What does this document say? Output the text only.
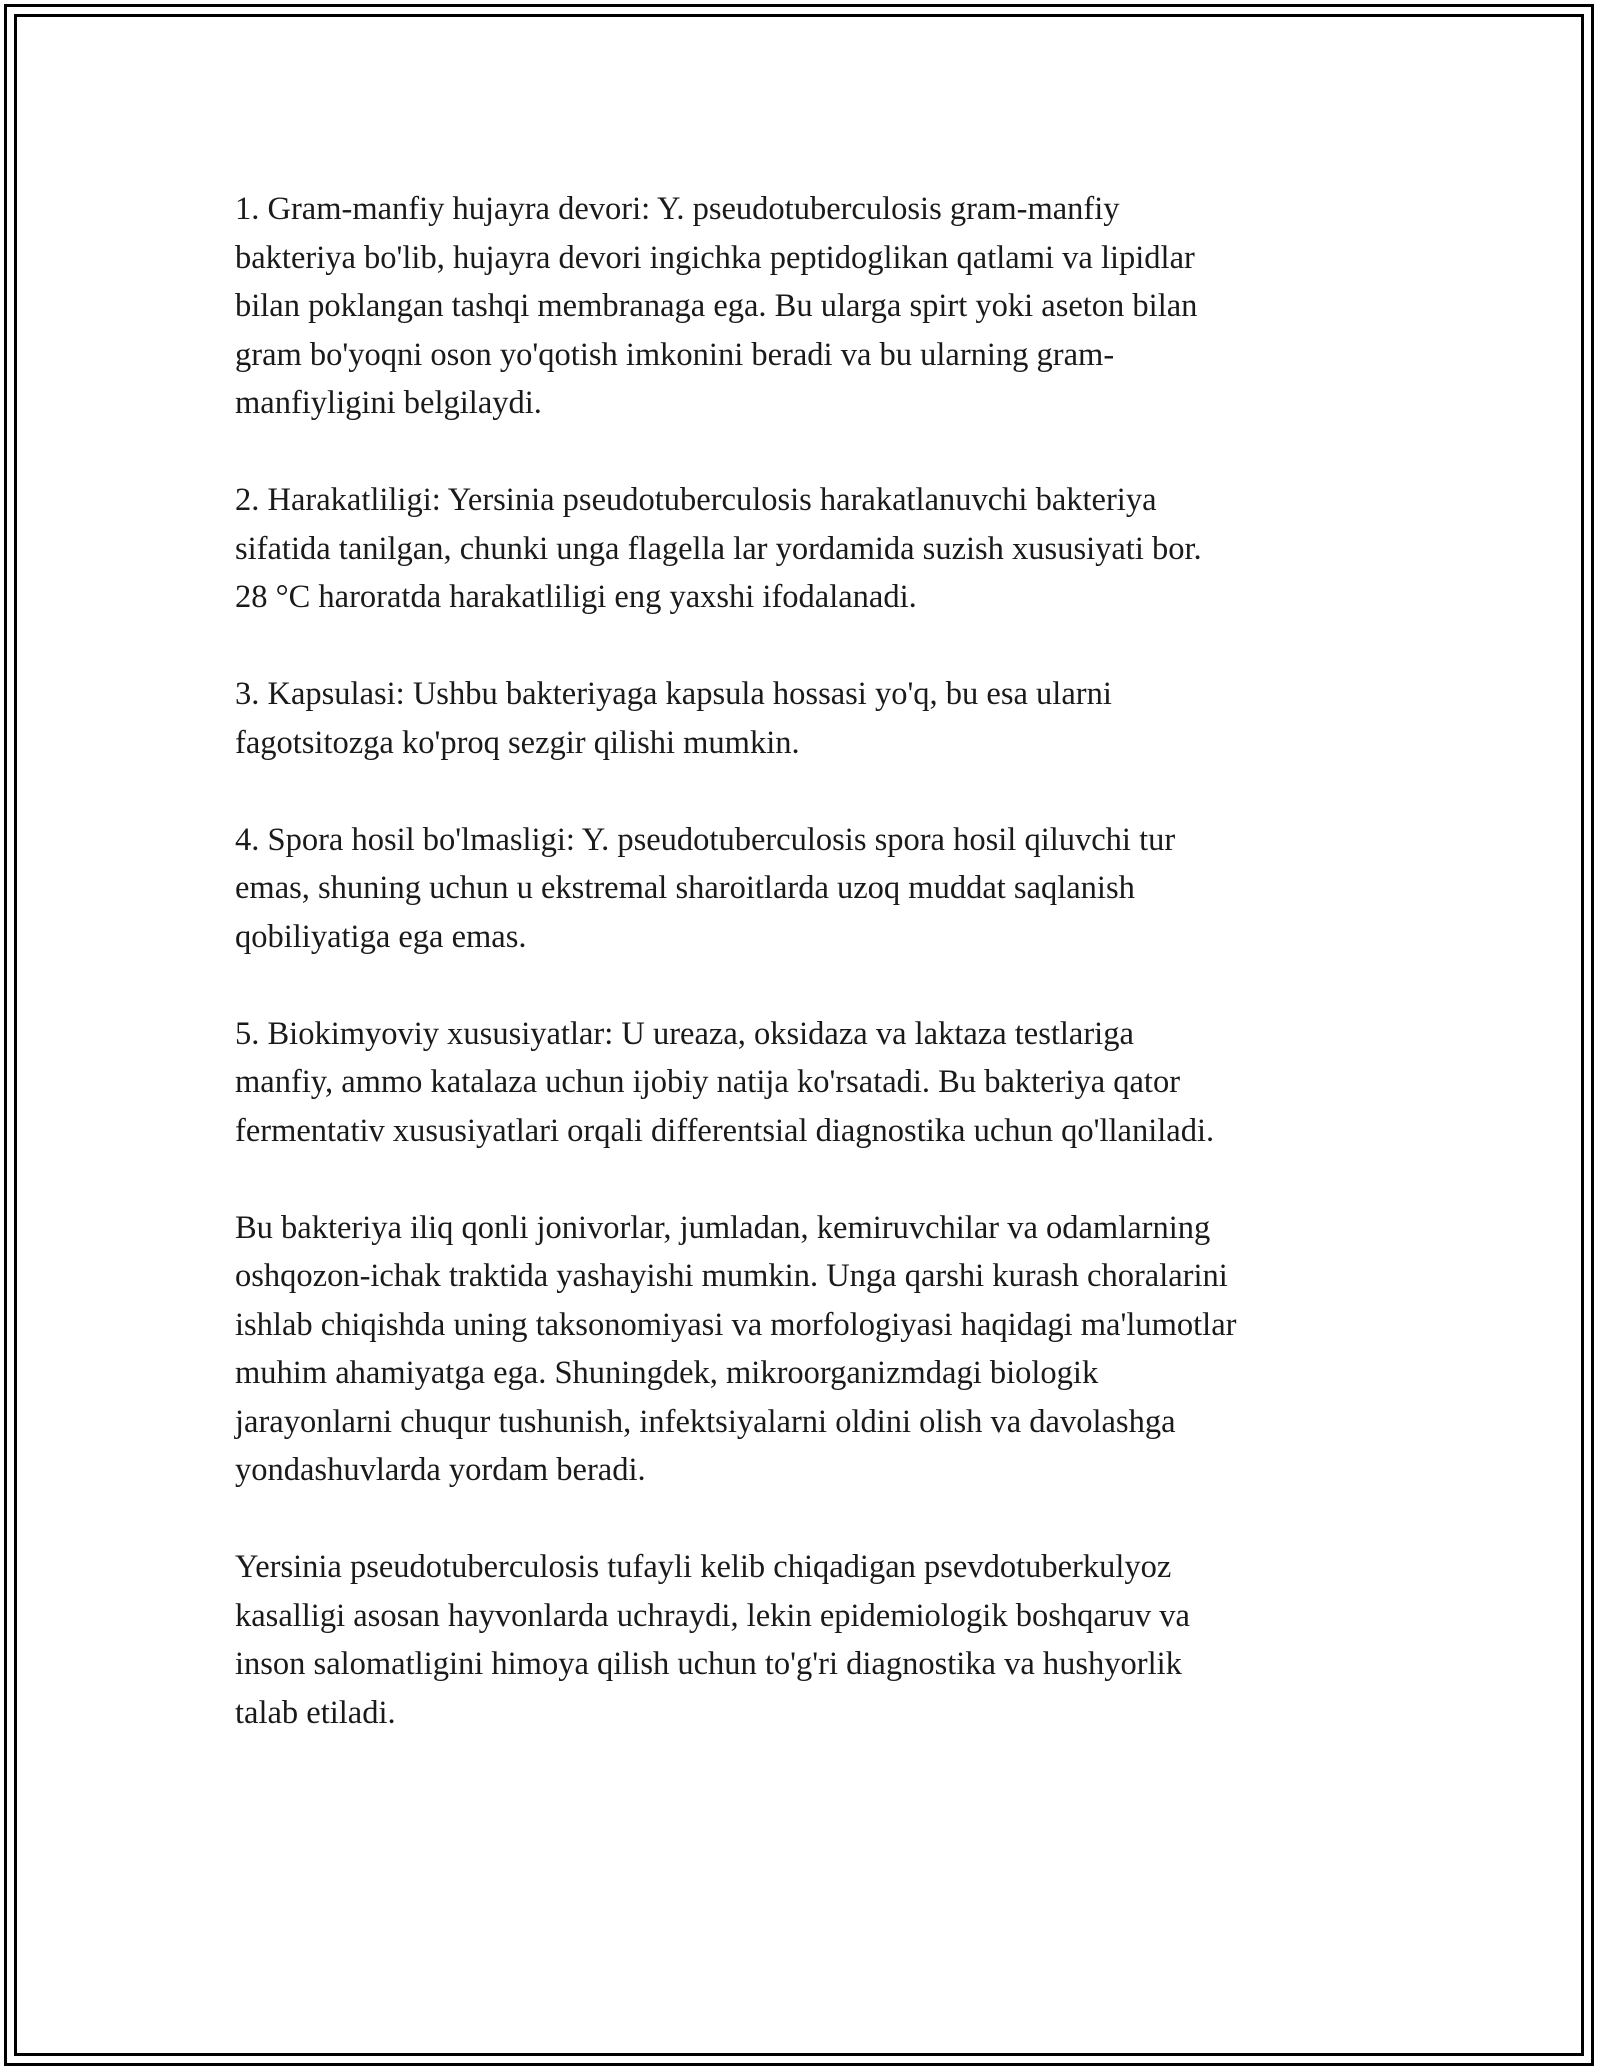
1. Gram-manfiy hujayra devori: Y. pseudotuberculosis gram-manfiy
bakteriya bo'lib, hujayra devori ingichka peptidoglikan qatlami va lipidlar
bilan poklangan tashqi membranaga ega. Bu ularga spirt yoki aseton bilan
gram bo'yoqni oson yo'qotish imkonini beradi va bu ularning gram-
manfiyligini belgilaydi.

2. Harakatliligi: Yersinia pseudotuberculosis harakatlanuvchi bakteriya
sifatida tanilgan, chunki unga flagella lar yordamida suzish xususiyati bor.
28 °C haroratda harakatliligi eng yaxshi ifodalanadi.

3. Kapsulasi: Ushbu bakteriyaga kapsula hossasi yo'q, bu esa ularni
fagotsitozga ko'proq sezgir qilishi mumkin.

4. Spora hosil bo'lmasligi: Y. pseudotuberculosis spora hosil qiluvchi tur
emas, shuning uchun u ekstremal sharoitlarda uzoq muddat saqlanish
qobiliyatiga ega emas.

5. Biokimyoviy xususiyatlar: U ureaza, oksidaza va laktaza testlariga
manfiy, ammo katalaza uchun ijobiy natija ko'rsatadi. Bu bakteriya qator
fermentativ xususiyatlari orqali differentsial diagnostika uchun qo'llaniladi.

Bu bakteriya iliq qonli jonivorlar, jumladan, kemiruvchilar va odamlarning
oshqozon-ichak traktida yashayishi mumkin. Unga qarshi kurash choralarini
ishlab chiqishda uning taksonomiyasi va morfologiyasi haqidagi ma'lumotlar
muhim ahamiyatga ega. Shuningdek, mikroorganizmdagi biologik
jarayonlarni chuqur tushunish, infektsiyalarni oldini olish va davolashga
yondashuvlarda yordam beradi.

Yersinia pseudotuberculosis tufayli kelib chiqadigan psevdotuberkulyoz
kasalligi asosan hayvonlarda uchraydi, lekin epidemiologik boshqaruv va
inson salomatligini himoya qilish uchun to'g'ri diagnostika va hushyorlik
talab etiladi.
